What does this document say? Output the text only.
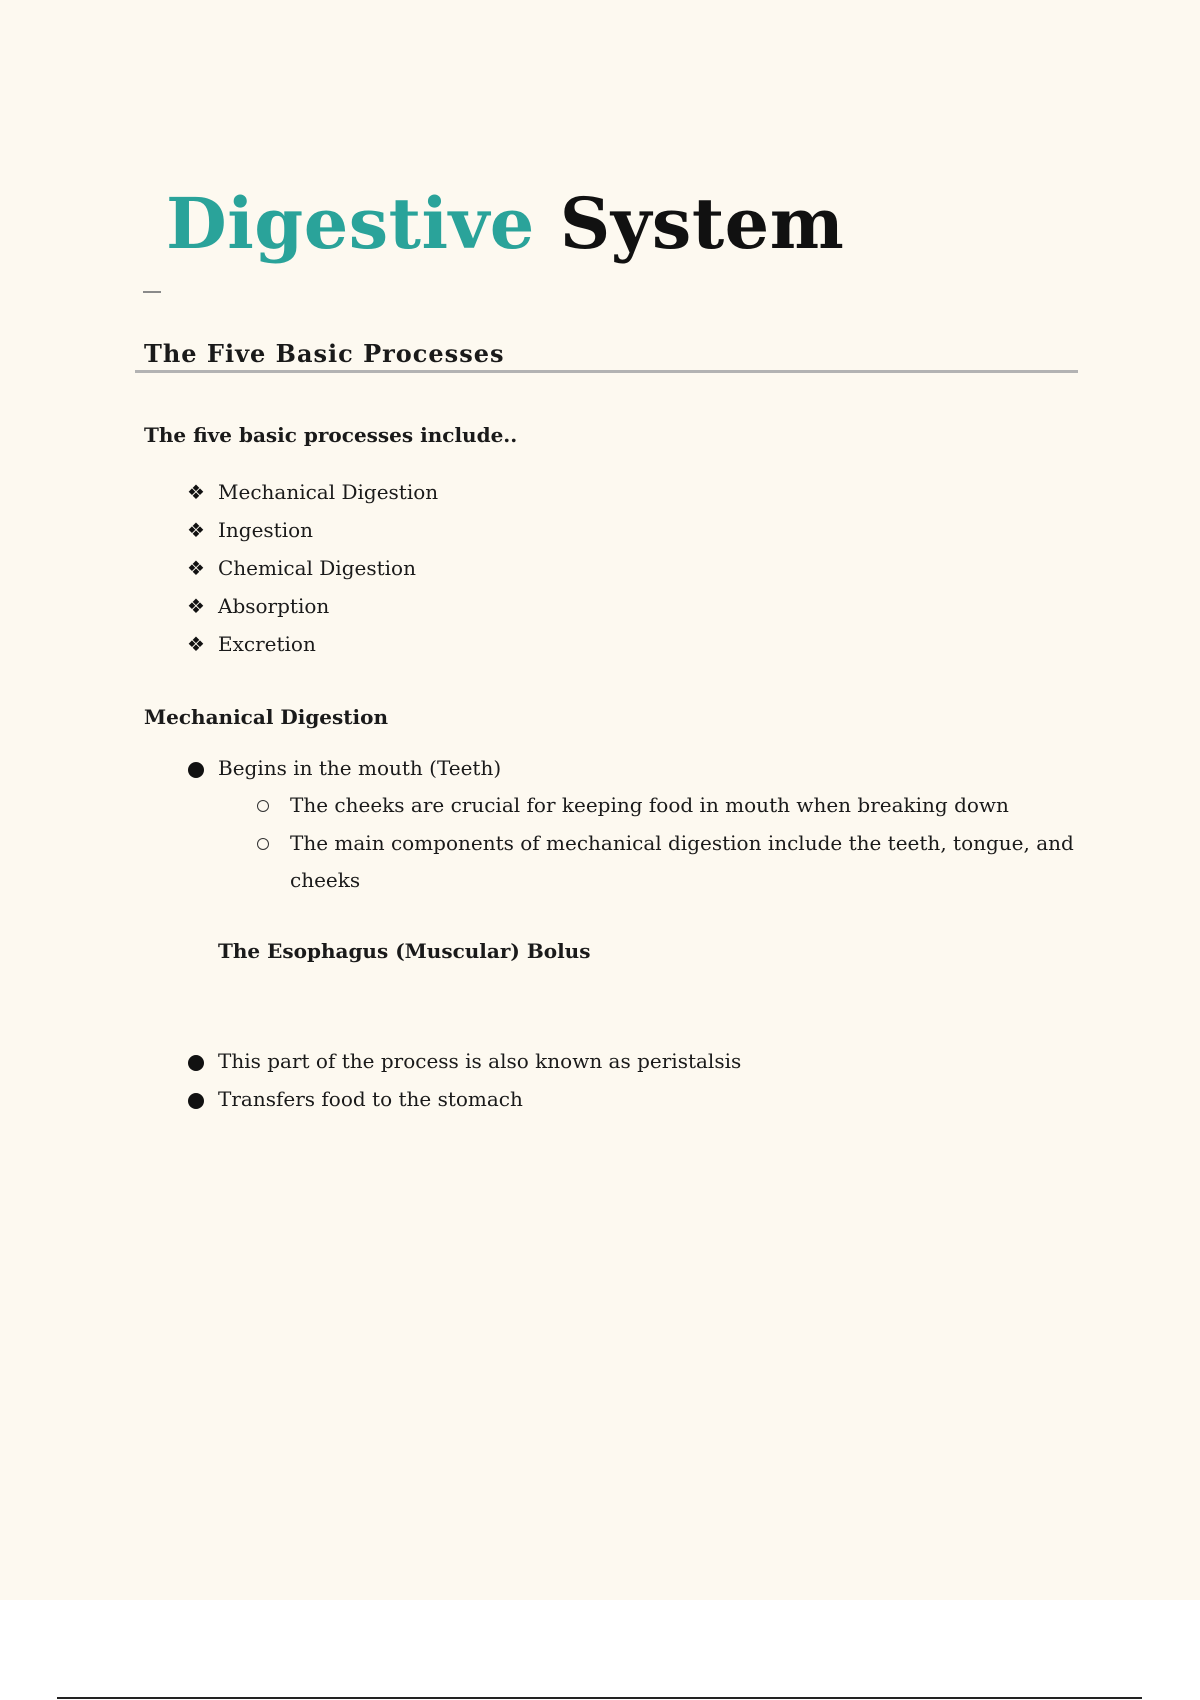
Digestive System
The Five Basic Processes

The five basic processes include..

❖ Mechanical Digestion
❖ Ingestion
❖ Chemical Digestion
❖ Absorption
❖ Excretion

Mechanical Digestion

Begins in the mouth (Teeth)
The cheeks are crucial for keeping food in mouth when breaking down
The main components of mechanical digestion include the teeth, tongue, and
cheeks

The Esophagus (Muscular) Bolus

This part of the process is also known as peristalsis
Transfers food to the stomach
